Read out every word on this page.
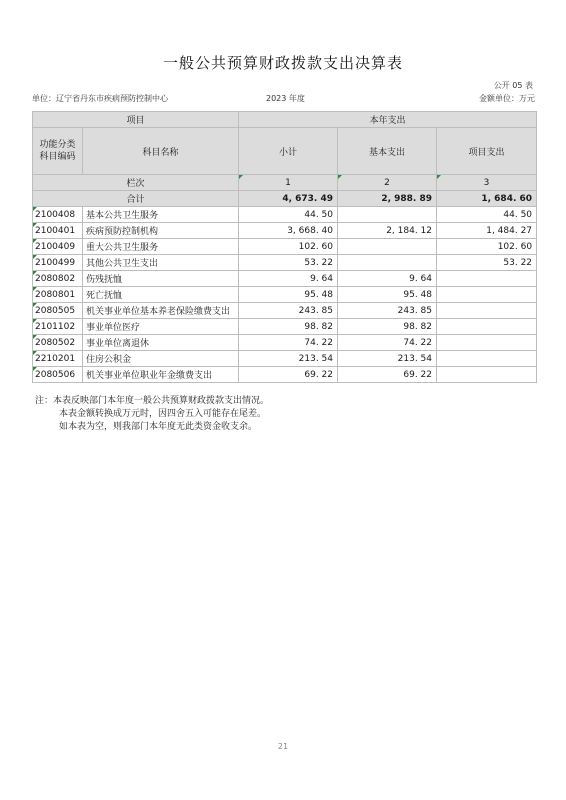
一般公共预算财政拨款支出决算表
公开 05 表
单位：辽宁省丹东市疾病预防控制中心	2023 年度	金额单位：万元
项目		本年支出		

功能分类科目编码	科目名称	小计	基本支出	项目支出
栏次		1	2	3
合计		4, 673. 49	2, 988. 89	1, 684. 60

2100408	基本公共卫生服务	44. 50		44. 50

2100401	疾病预防控制机构	3, 668. 40	2, 184. 12	1, 484. 27

2100409	重大公共卫生服务	102. 60		102. 60

2100499	其他公共卫生支出	53. 22		53. 22

2080802	伤残抚恤	9. 64	9. 64	

2080801	死亡抚恤	95. 48	95. 48	

2080505	机关事业单位基本养老保险缴费支出	243. 85	243. 85	

2101102	事业单位医疗	98. 82	98. 82	

2080502	事业单位离退休	74. 22	74. 22	

2210201	住房公积金	213. 54	213. 54	

2080506	机关事业单位职业年金缴费支出	69. 22	69. 22	
注：本表反映部门本年度一般公共预算财政拨款支出情况。
本表金额转换成万元时，因四舍五入可能存在尾差。
如本表为空，则我部门本年度无此类资金收支余。
21
